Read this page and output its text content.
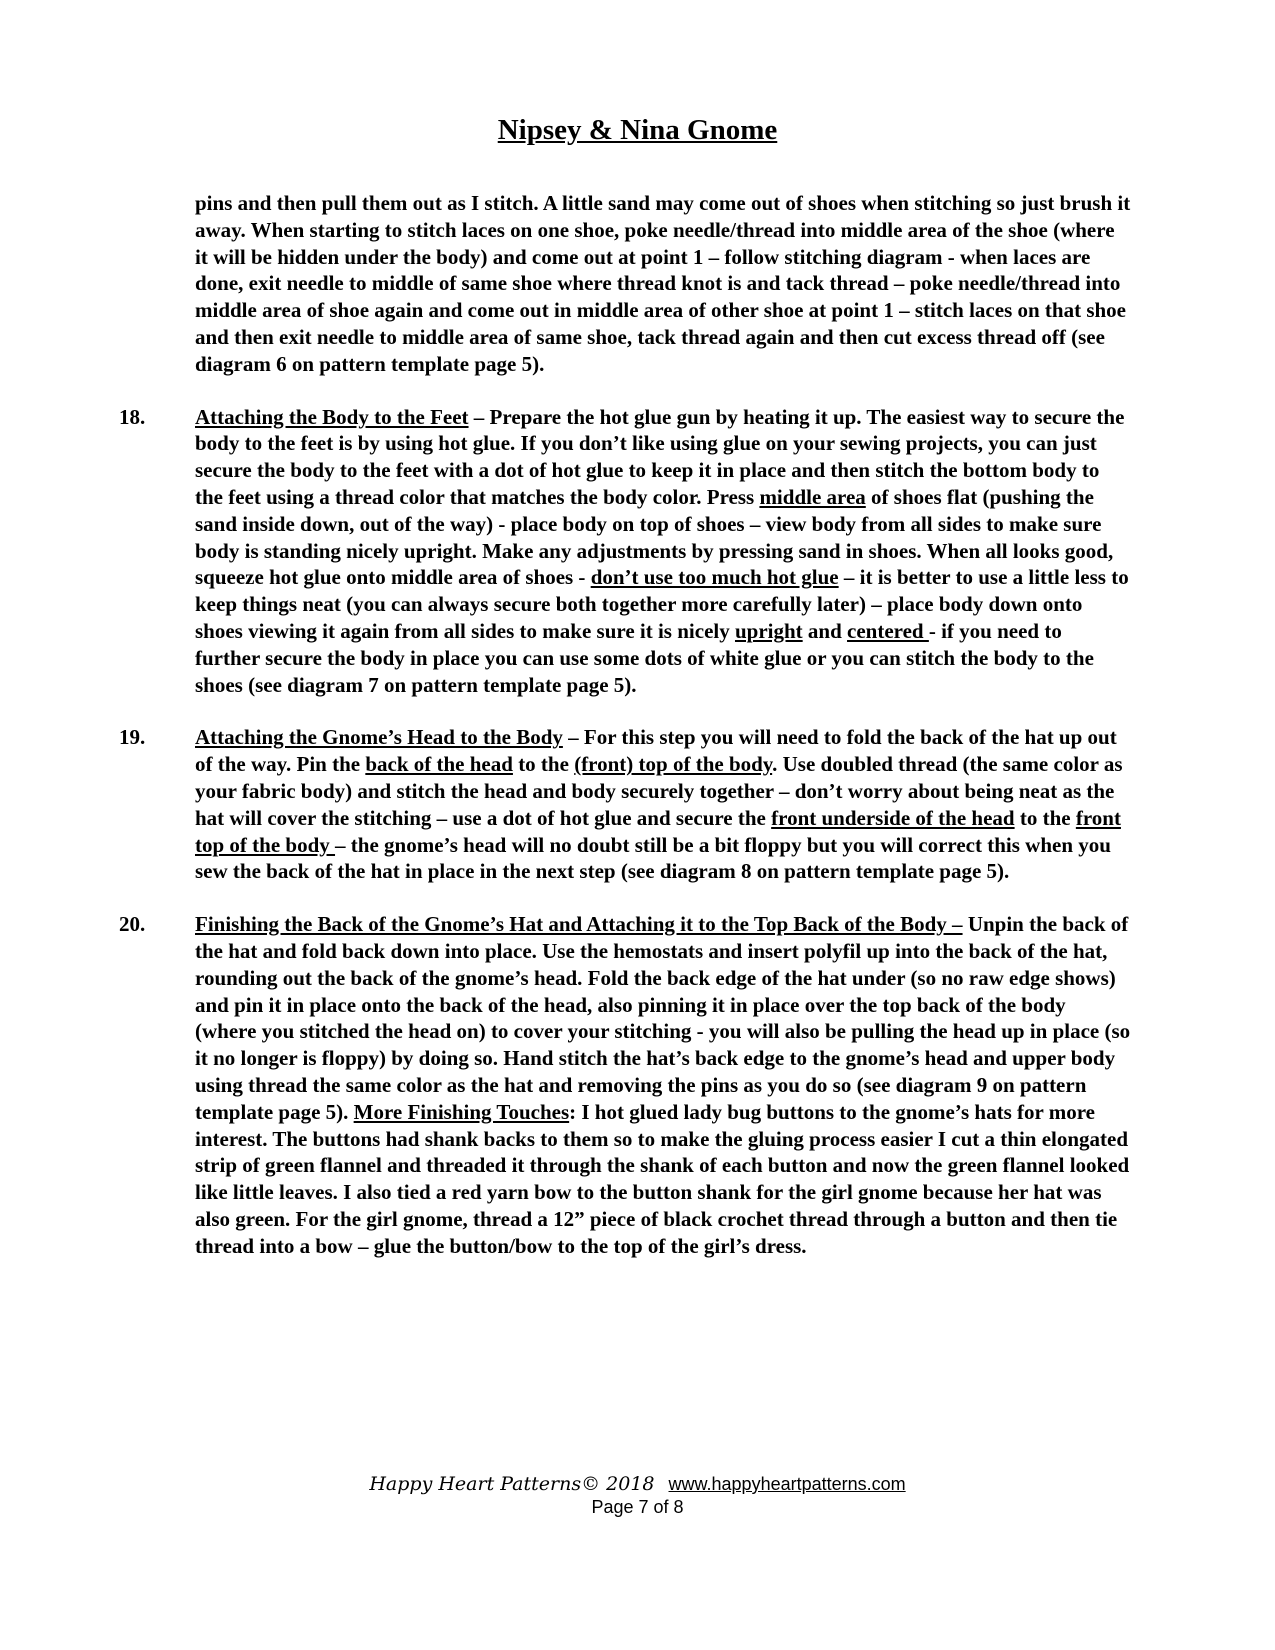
Nipsey & Nina Gnome

pins and then pull them out as I stitch. A little sand may come out of shoes when stitching so just brush it away. When starting to stitch laces on one shoe, poke needle/thread into middle area of the shoe (where it will be hidden under the body) and come out at point 1 – follow stitching diagram - when laces are done, exit needle to middle of same shoe where thread knot is and tack thread – poke needle/thread into middle area of shoe again and come out in middle area of other shoe at point 1 – stitch laces on that shoe and then exit needle to middle area of same shoe, tack thread again and then cut excess thread off (see diagram 6 on pattern template page 5).

18. Attaching the Body to the Feet – Prepare the hot glue gun by heating it up. The easiest way to secure the body to the feet is by using hot glue. If you don’t like using glue on your sewing projects, you can just secure the body to the feet with a dot of hot glue to keep it in place and then stitch the bottom body to the feet using a thread color that matches the body color. Press middle area of shoes flat (pushing the sand inside down, out of the way) - place body on top of shoes – view body from all sides to make sure body is standing nicely upright. Make any adjustments by pressing sand in shoes. When all looks good, squeeze hot glue onto middle area of shoes - don’t use too much hot glue – it is better to use a little less to keep things neat (you can always secure both together more carefully later) – place body down onto shoes viewing it again from all sides to make sure it is nicely upright and centered - if you need to further secure the body in place you can use some dots of white glue or you can stitch the body to the shoes (see diagram 7 on pattern template page 5).

19. Attaching the Gnome’s Head to the Body – For this step you will need to fold the back of the hat up out of the way. Pin the back of the head to the (front) top of the body. Use doubled thread (the same color as your fabric body) and stitch the head and body securely together – don’t worry about being neat as the hat will cover the stitching – use a dot of hot glue and secure the front underside of the head to the front top of the body – the gnome’s head will no doubt still be a bit floppy but you will correct this when you sew the back of the hat in place in the next step (see diagram 8 on pattern template page 5).

20. Finishing the Back of the Gnome’s Hat and Attaching it to the Top Back of the Body – Unpin the back of the hat and fold back down into place. Use the hemostats and insert polyfil up into the back of the hat, rounding out the back of the gnome’s head. Fold the back edge of the hat under (so no raw edge shows) and pin it in place onto the back of the head, also pinning it in place over the top back of the body (where you stitched the head on) to cover your stitching - you will also be pulling the head up in place (so it no longer is floppy) by doing so. Hand stitch the hat’s back edge to the gnome’s head and upper body using thread the same color as the hat and removing the pins as you do so (see diagram 9 on pattern template page 5). More Finishing Touches: I hot glued lady bug buttons to the gnome’s hats for more interest. The buttons had shank backs to them so to make the gluing process easier I cut a thin elongated strip of green flannel and threaded it through the shank of each button and now the green flannel looked like little leaves. I also tied a red yarn bow to the button shank for the girl gnome because her hat was also green. For the girl gnome, thread a 12” piece of black crochet thread through a button and then tie thread into a bow – glue the button/bow to the top of the girl’s dress.

Happy Heart Patterns© 2018 www.happyheartpatterns.com
Page 7 of 8
